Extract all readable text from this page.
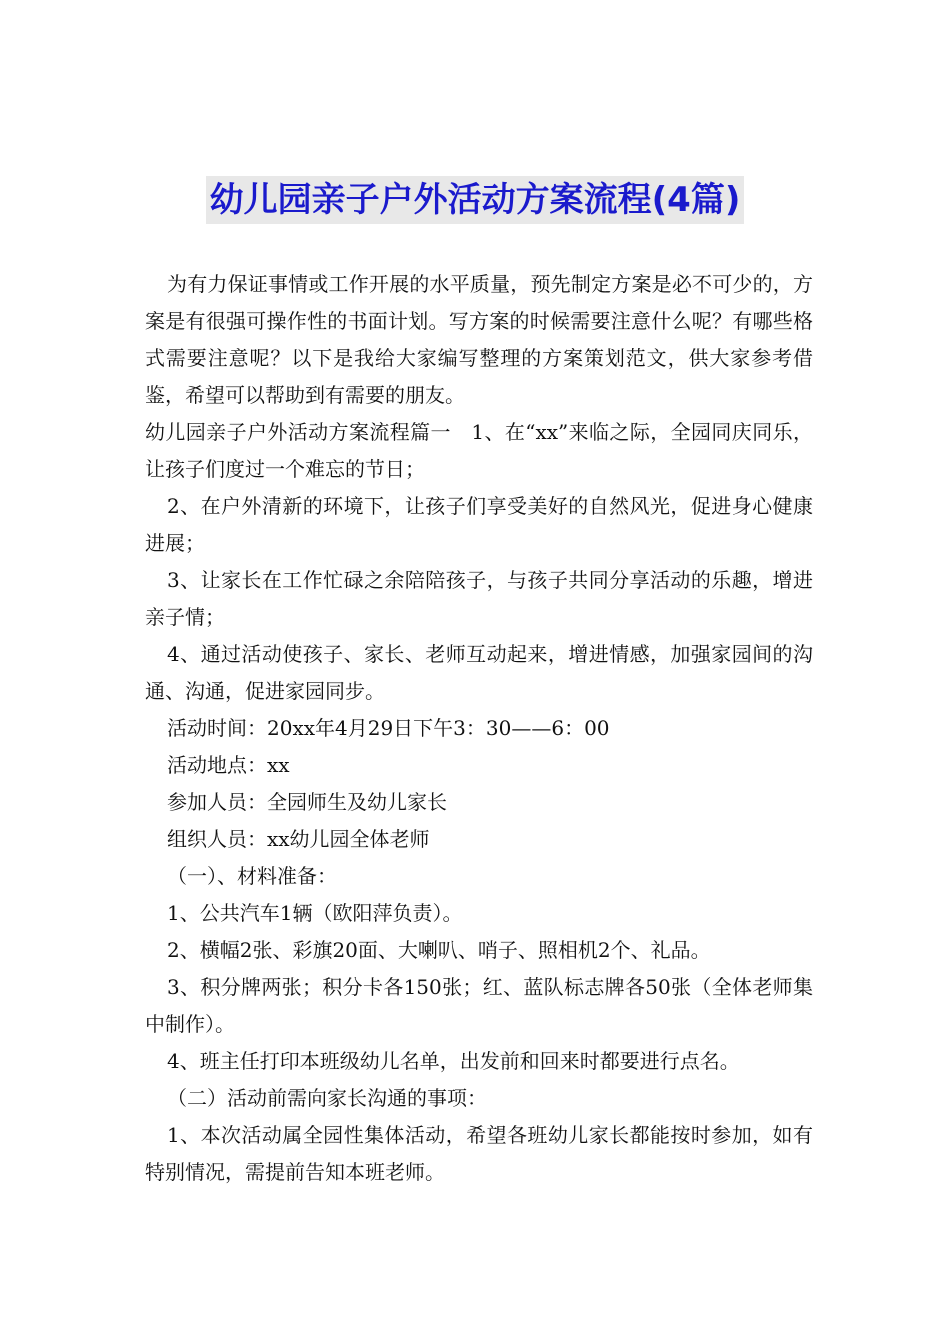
幼儿园亲子户外活动方案流程(4篇)

为有力保证事情或工作开展的水平质量，预先制定方案是必不可少的，方案是有很强可操作性的书面计划。写方案的时候需要注意什么呢？有哪些格式需要注意呢？以下是我给大家编写整理的方案策划范文，供大家参考借鉴，希望可以帮助到有需要的朋友。

幼儿园亲子户外活动方案流程篇一　1、在“xx”来临之际，全园同庆同乐，让孩子们度过一个难忘的节日；

2、在户外清新的环境下，让孩子们享受美好的自然风光，促进身心健康进展；

3、让家长在工作忙碌之余陪陪孩子，与孩子共同分享活动的乐趣，增进亲子情；

4、通过活动使孩子、家长、老师互动起来，增进情感，加强家园间的沟通、沟通，促进家园同步。

活动时间：20xx年4月29日下午3：30——6：00

活动地点：xx

参加人员：全园师生及幼儿家长

组织人员：xx幼儿园全体老师

（一）、材料准备：

1、公共汽车1辆（欧阳萍负责）。

2、横幅2张、彩旗20面、大喇叭、哨子、照相机2个、礼品。

3、积分牌两张；积分卡各150张；红、蓝队标志牌各50张（全体老师集中制作）。

4、班主任打印本班级幼儿名单，出发前和回来时都要进行点名。

（二）活动前需向家长沟通的事项：

1、本次活动属全园性集体活动，希望各班幼儿家长都能按时参加，如有特别情况，需提前告知本班老师。
